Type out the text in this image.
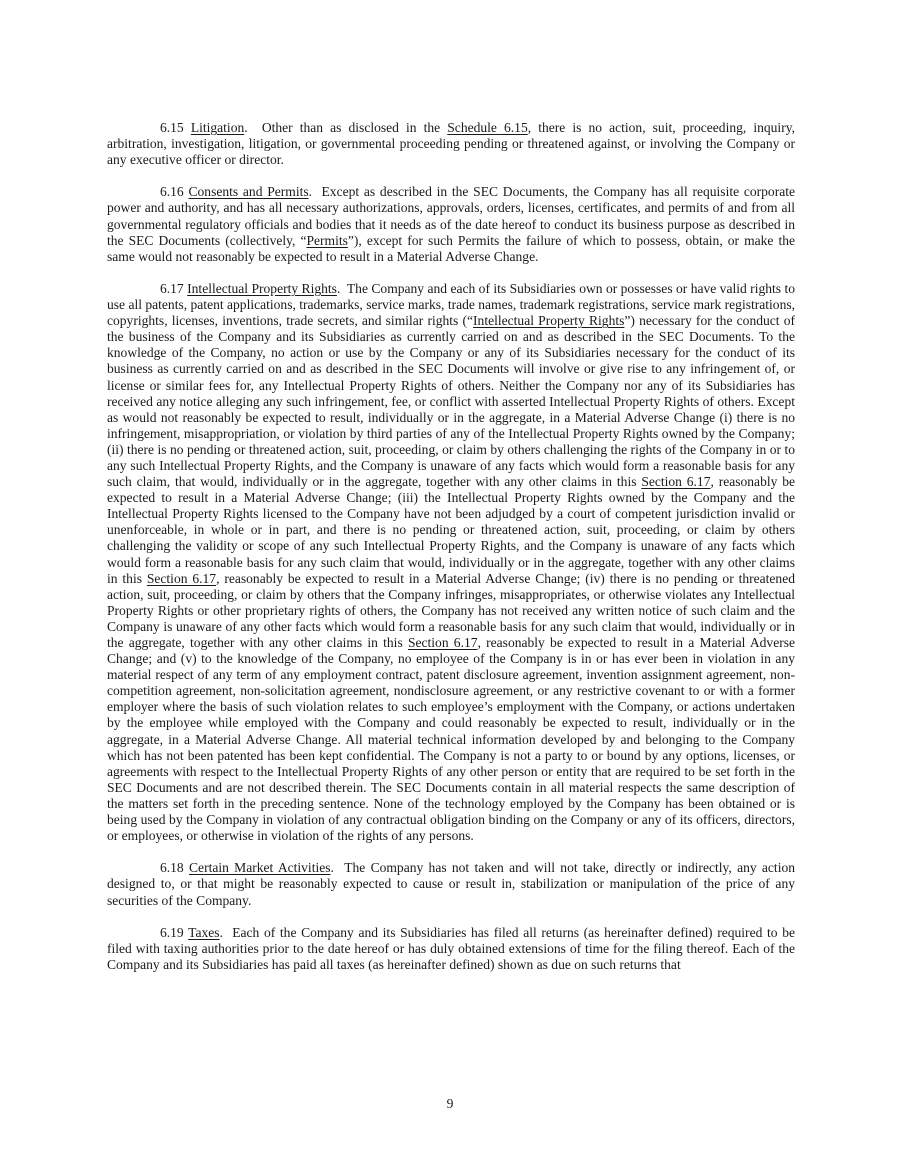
6.15 Litigation.  Other than as disclosed in the Schedule 6.15, there is no action, suit, proceeding, inquiry, arbitration, investigation, litigation, or governmental proceeding pending or threatened against, or involving the Company or any executive officer or director.

6.16 Consents and Permits.  Except as described in the SEC Documents, the Company has all requisite corporate power and authority, and has all necessary authorizations, approvals, orders, licenses, certificates, and permits of and from all governmental regulatory officials and bodies that it needs as of the date hereof to conduct its business purpose as described in the SEC Documents (collectively, “Permits”), except for such Permits the failure of which to possess, obtain, or make the same would not reasonably be expected to result in a Material Adverse Change.

6.17 Intellectual Property Rights.  The Company and each of its Subsidiaries own or possesses or have valid rights to use all patents, patent applications, trademarks, service marks, trade names, trademark registrations, service mark registrations, copyrights, licenses, inventions, trade secrets, and similar rights (“Intellectual Property Rights”) necessary for the conduct of the business of the Company and its Subsidiaries as currently carried on and as described in the SEC Documents. To the knowledge of the Company, no action or use by the Company or any of its Subsidiaries necessary for the conduct of its business as currently carried on and as described in the SEC Documents will involve or give rise to any infringement of, or license or similar fees for, any Intellectual Property Rights of others. Neither the Company nor any of its Subsidiaries has received any notice alleging any such infringement, fee, or conflict with asserted Intellectual Property Rights of others. Except as would not reasonably be expected to result, individually or in the aggregate, in a Material Adverse Change (i) there is no infringement, misappropriation, or violation by third parties of any of the Intellectual Property Rights owned by the Company; (ii) there is no pending or threatened action, suit, proceeding, or claim by others challenging the rights of the Company in or to any such Intellectual Property Rights, and the Company is unaware of any facts which would form a reasonable basis for any such claim, that would, individually or in the aggregate, together with any other claims in this Section 6.17, reasonably be expected to result in a Material Adverse Change; (iii) the Intellectual Property Rights owned by the Company and the Intellectual Property Rights licensed to the Company have not been adjudged by a court of competent jurisdiction invalid or unenforceable, in whole or in part, and there is no pending or threatened action, suit, proceeding, or claim by others challenging the validity or scope of any such Intellectual Property Rights, and the Company is unaware of any facts which would form a reasonable basis for any such claim that would, individually or in the aggregate, together with any other claims in this Section 6.17, reasonably be expected to result in a Material Adverse Change; (iv) there is no pending or threatened action, suit, proceeding, or claim by others that the Company infringes, misappropriates, or otherwise violates any Intellectual Property Rights or other proprietary rights of others, the Company has not received any written notice of such claim and the Company is unaware of any other facts which would form a reasonable basis for any such claim that would, individually or in the aggregate, together with any other claims in this Section 6.17, reasonably be expected to result in a Material Adverse Change; and (v) to the knowledge of the Company, no employee of the Company is in or has ever been in violation in any material respect of any term of any employment contract, patent disclosure agreement, invention assignment agreement, non-competition agreement, non-solicitation agreement, nondisclosure agreement, or any restrictive covenant to or with a former employer where the basis of such violation relates to such employee’s employment with the Company, or actions undertaken by the employee while employed with the Company and could reasonably be expected to result, individually or in the aggregate, in a Material Adverse Change. All material technical information developed by and belonging to the Company which has not been patented has been kept confidential. The Company is not a party to or bound by any options, licenses, or agreements with respect to the Intellectual Property Rights of any other person or entity that are required to be set forth in the SEC Documents and are not described therein. The SEC Documents contain in all material respects the same description of the matters set forth in the preceding sentence. None of the technology employed by the Company has been obtained or is being used by the Company in violation of any contractual obligation binding on the Company or any of its officers, directors, or employees, or otherwise in violation of the rights of any persons.

6.18 Certain Market Activities.  The Company has not taken and will not take, directly or indirectly, any action designed to, or that might be reasonably expected to cause or result in, stabilization or manipulation of the price of any securities of the Company.

6.19 Taxes.  Each of the Company and its Subsidiaries has filed all returns (as hereinafter defined) required to be filed with taxing authorities prior to the date hereof or has duly obtained extensions of time for the filing thereof. Each of the Company and its Subsidiaries has paid all taxes (as hereinafter defined) shown as due on such returns that

9
